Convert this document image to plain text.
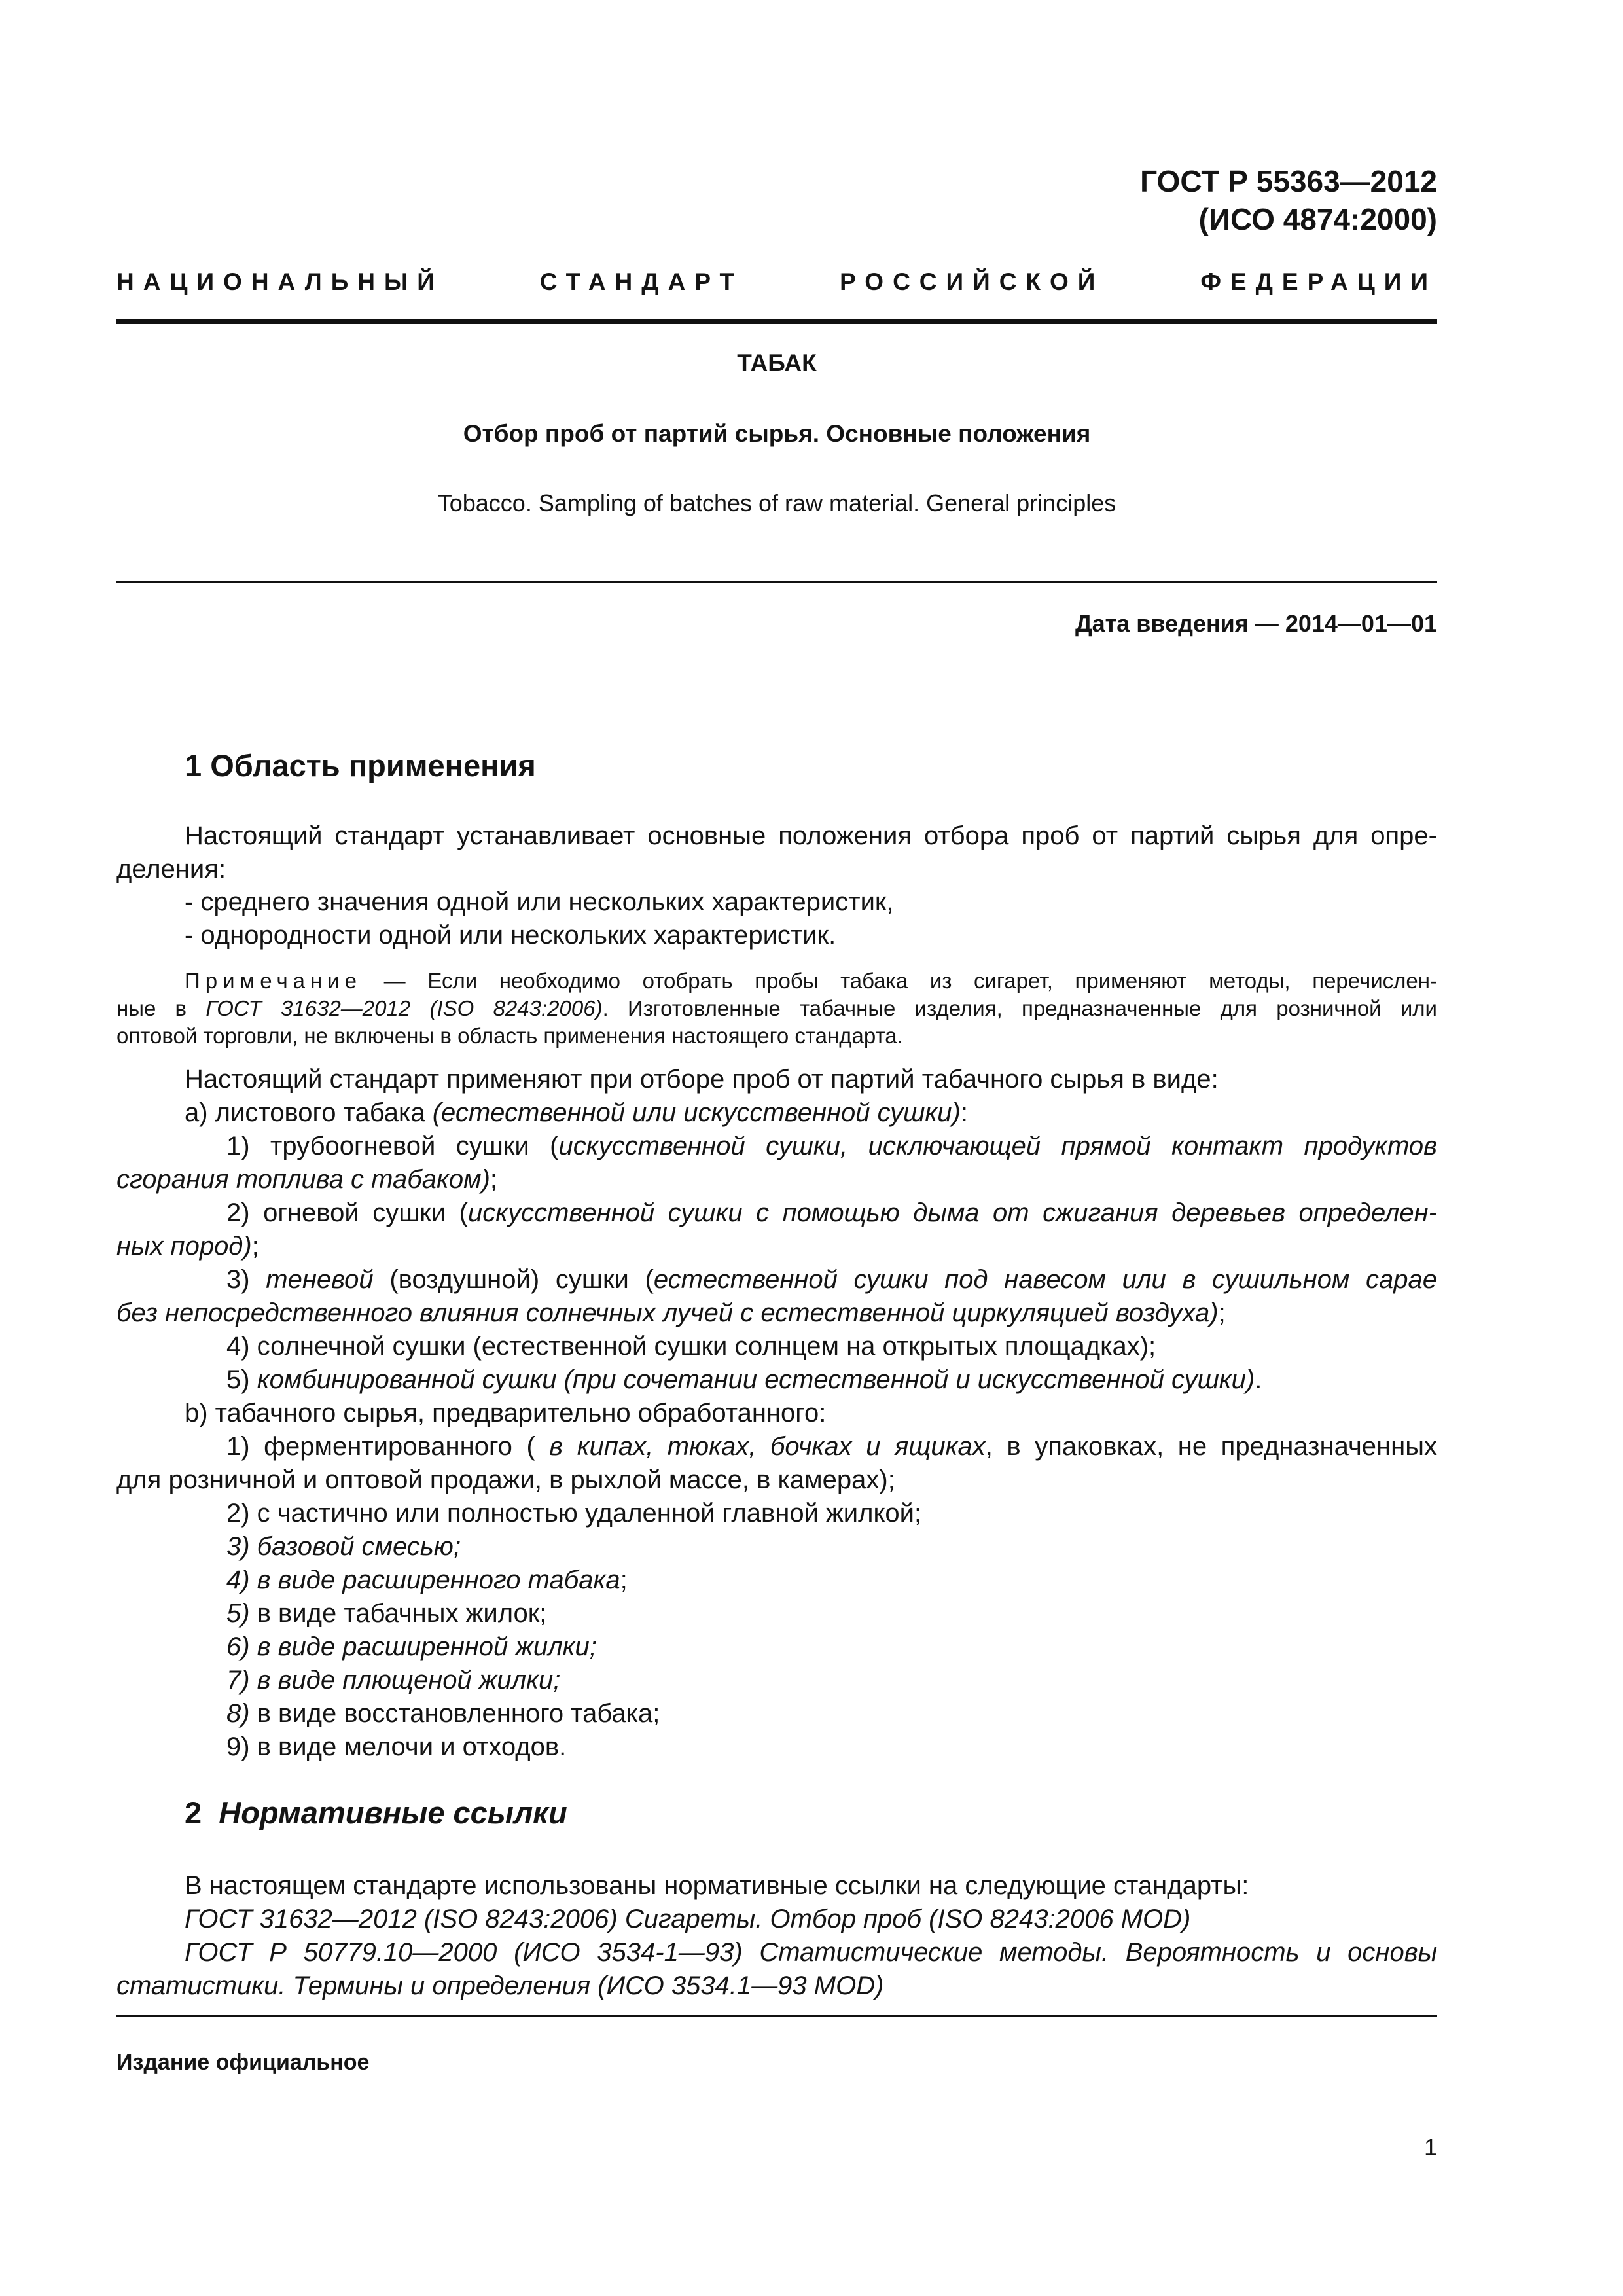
ГОСТ Р 55363—2012
(ИСО 4874:2000)
НАЦИОНАЛЬНЫЙ	СТАНДАРТ	РОССИЙСКОЙ	ФЕДЕРАЦИИ
ТАБАК
Отбор проб от партий сырья. Основные положения
Tobacco. Sampling of batches of raw material. General principles
Дата введения — 2014—01—01
1 Область применения
Настоящий стандарт устанавливает основные положения отбора проб от партий сырья для опре-
деления:
- среднего значения одной или нескольких характеристик,
- однородности одной или нескольких характеристик.
Примечание — Если необходимо отобрать пробы табака из сигарет, применяют методы, перечислен-
ные в ГОСТ 31632—2012 (ISO 8243:2006). Изготовленные табачные изделия, предназначенные для розничной или
оптовой торговли, не включены в область применения настоящего стандарта.
Настоящий стандарт применяют при отборе проб от партий табачного сырья в виде:
а) листового табака (естественной или искусственной сушки):
1) трубоогневой сушки (искусственной сушки, исключающей прямой контакт продуктов
сгорания топлива с табаком);
2) огневой сушки (искусственной сушки с помощью дыма от сжигания деревьев определен-
ных пород);
3) теневой (воздушной) сушки (естественной сушки под навесом или в сушильном сарае
без непосредственного влияния солнечных лучей с естественной циркуляцией воздуха);
4) солнечной сушки (естественной сушки солнцем на открытых площадках);
5) комбинированной сушки (при сочетании естественной и искусственной сушки).
b) табачного сырья, предварительно обработанного:
1) ферментированного ( в кипах, тюках, бочках и ящиках, в упаковках, не предназначенных
для розничной и оптовой продажи, в рыхлой массе, в камерах);
2) с частично или полностью удаленной главной жилкой;
3) базовой смесью;
4) в виде расширенного табака;
5) в виде табачных жилок;
6) в виде расширенной жилки;
7) в виде плющеной жилки;
8) в виде восстановленного табака;
9) в виде мелочи и отходов.
2 Нормативные ссылки
В настоящем стандарте использованы нормативные ссылки на следующие стандарты:
ГОСТ 31632—2012 (ISO 8243:2006) Сигареты. Отбор проб (ISO 8243:2006 MOD)
ГОСТ Р 50779.10—2000 (ИСО 3534-1—93) Статистические методы. Вероятность и основы
статистики. Термины и определения (ИСО 3534.1—93 MOD)
Издание официальное
1
